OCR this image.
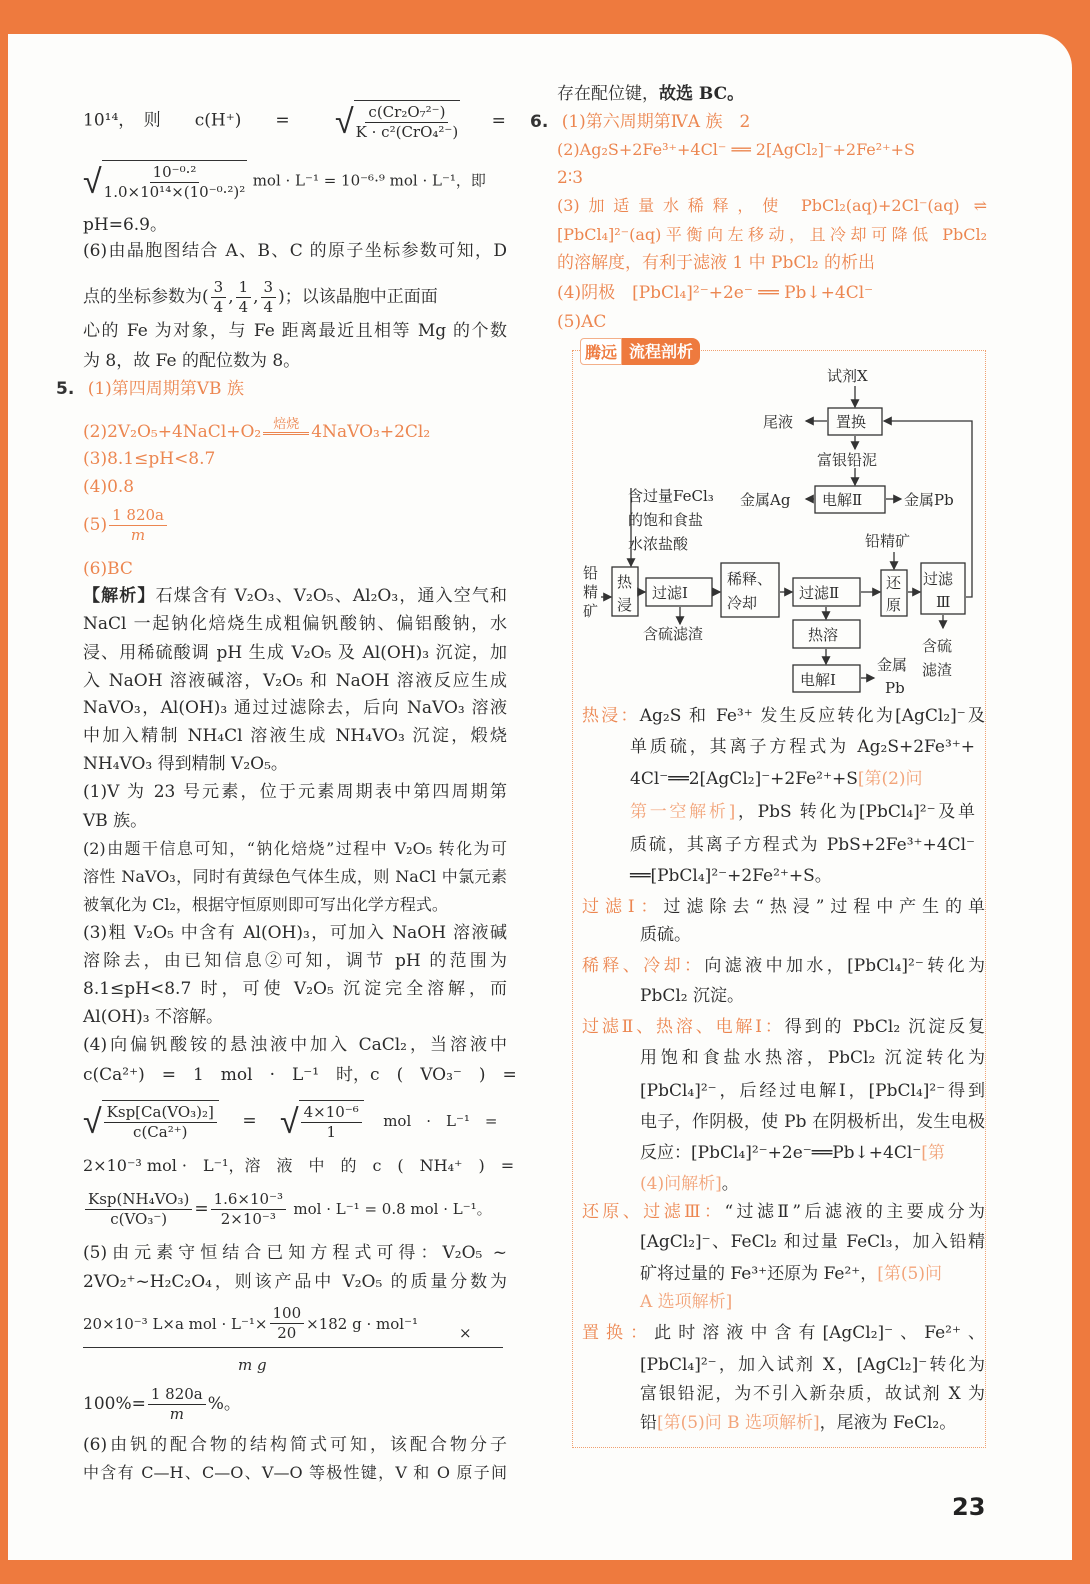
10¹⁴，　则　　c(H⁺)　　= √ $\frac{\text{c(Cr₂O₇²⁻)}}{\text{K · c²(CrO₄²⁻)}}$ =
√ $\frac{\text{10⁻⁰·²}}{\text{1.0×10¹⁴×(10⁻⁰·²)²}}$ mol · L⁻¹ = 10⁻⁶·⁹ mol · L⁻¹，即
pH=6.9。
(6)由晶胞图结合 A、B、C 的原子坐标参数可知，D
点的坐标参数为( $\frac{3}{4}$ , $\frac{1}{4}$ , $\frac{3}{4}$ )；以该晶胞中正面面
心的 Fe 为对象，与 Fe 距离最近且相等 Mg 的个数
为 8，故 Fe 的配位数为 8。
5. (1)第四周期第ⅤB 族
(2)2V₂O₅+4NaCl+O₂ 焙烧 4NaVO₃+2Cl₂
(3)8.1≤pH<8.7
(4)0.8
$(5) \frac{1 820a}{m}$
(6)BC
【解析】石煤含有 V₂O₃、V₂O₅、Al₂O₃，通入空气和
NaCl 一起钠化焙烧生成粗偏钒酸钠、偏铝酸钠，水
浸、用稀硫酸调 pH 生成 V₂O₅ 及 Al(OH)₃ 沉淀，加
入 NaOH 溶液碱溶，V₂O₅ 和 NaOH 溶液反应生成
NaVO₃，Al(OH)₃ 通过过滤除去，后向 NaVO₃ 溶液
中加入精制 NH₄Cl 溶液生成 NH₄VO₃ 沉淀，煅烧
NH₄VO₃ 得到精制 V₂O₅。
(1)V 为 23 号元素，位于元素周期表中第四周期第
ⅤB 族。
(2)由题干信息可知，“钠化焙烧”过程中 V₂O₅ 转化为可
溶性 NaVO₃，同时有黄绿色气体生成，则 NaCl 中氯元素
被氧化为 Cl₂，根据守恒原则即可写出化学方程式。
(3)粗 V₂O₅ 中含有 Al(OH)₃，可加入 NaOH 溶液碱
溶除去，由已知信息②可知，调节 pH 的范围为
8.1≤pH<8.7 时，可使 V₂O₅ 沉淀完全溶解，而
Al(OH)₃ 不溶解。
(4)向偏钒酸铵的悬浊液中加入 CaCl₂，当溶液中
c(Ca²⁺)　=　1　mol　·　L⁻¹　时，c　(　VO₃⁻　)　=
√ $\frac{\text{Ksp[Ca(VO₃)₂]}}{\text{c(Ca²⁺)}}$ = √ $\frac{\text{4×10⁻⁶}}{1}$ mol　·　L⁻¹　=
2×10⁻³ mol ·　L⁻¹，溶　液　中　的　c　(　NH₄⁺　)　=
$\frac{\text{Ksp(NH₄VO₃)}}{\text{c(VO₃⁻)}} = \frac{\text{1.6×10⁻³}}{\text{2×10⁻³}}$ mol · L⁻¹ = 0.8 mol · L⁻¹。
(5)由元素守恒结合已知方程式可得：V₂O₅ ~
2VO₂⁺~H₂C₂O₄，则该产品中 V₂O₅ 的质量分数为
20×10⁻³ L×a mol · $L^{-1}\times \frac{100}{20} \times 182$ g · mol⁻¹
m g
×
$100\%= \frac{1 820a}{m}$ %。
(6)由钒的配合物的结构简式可知，该配合物分子
中含有 C—H、C—O、V—O 等极性键，V 和 O 原子间
存在配位键，故选 BC。
6. (1)第六周期第ⅣA 族　2
(2)Ag₂S+2Fe³⁺+4Cl⁻ ══ 2[AgCl₂]⁻+2Fe²⁺+S
2∶3
(3)加适量水稀释，使 PbCl₂(aq)+2Cl⁻(aq) ⇌
[PbCl₄]²⁻(aq)平衡向左移动，且冷却可降低 PbCl₂
的溶解度，有利于滤液 1 中 PbCl₂ 的析出
(4)阴极　[PbCl₄]²⁻+2e⁻ ══ Pb↓+4Cl⁻
(5)AC
腾远 流程剖析
试剂X
尾液	置换
富银铅泥
金属Ag 电解Ⅱ	金属Pb
含过量FeCl₃
的饱和食盐
水浓盐酸
铅
精
矿
热
浸
过滤Ⅰ
稀释、
冷却
含硫滤渣
过滤Ⅱ
热溶
电解Ⅰ
金属
Pb
铅精矿
还
原
过滤
Ⅲ
含硫
滤渣
热浸：Ag₂S 和 Fe³⁺ 发生反应转化为[AgCl₂]⁻及
单质硫，其离子方程式为 Ag₂S+2Fe³⁺+
4Cl⁻══2[AgCl₂]⁻+2Fe²⁺+S[第(2)问
第一空解析]，PbS 转化为[PbCl₄]²⁻及单
质硫，其离子方程式为 PbS+2Fe³⁺+4Cl⁻
══[PbCl₄]²⁻+2Fe²⁺+S。
过滤Ⅰ：过滤除去“热浸”过程中产生的单
质硫。
稀释、冷却：向滤液中加水，[PbCl₄]²⁻转化为
PbCl₂ 沉淀。
过滤Ⅱ、热溶、电解Ⅰ：得到的 PbCl₂ 沉淀反复
用饱和食盐水热溶，PbCl₂ 沉淀转化为
[PbCl₄]²⁻，后经过电解Ⅰ，[PbCl₄]²⁻得到
电子，作阴极，使 Pb 在阴极析出，发生电极
反应：[PbCl₄]²⁻+2e⁻══Pb↓+4Cl⁻[第
(4)问解析]。
还原、过滤Ⅲ：“过滤Ⅱ”后滤液的主要成分为
[AgCl₂]⁻、FeCl₂ 和过量 FeCl₃，加入铅精
矿将过量的 Fe³⁺还原为 Fe²⁺，[第(5)问
A 选项解析]
置换：此时溶液中含有[AgCl₂]⁻、Fe²⁺、
[PbCl₄]²⁻，加入试剂 X，[AgCl₂]⁻转化为
富银铅泥，为不引入新杂质，故试剂 X 为
铅[第(5)问 B 选项解析]，尾液为 FeCl₂。
23
